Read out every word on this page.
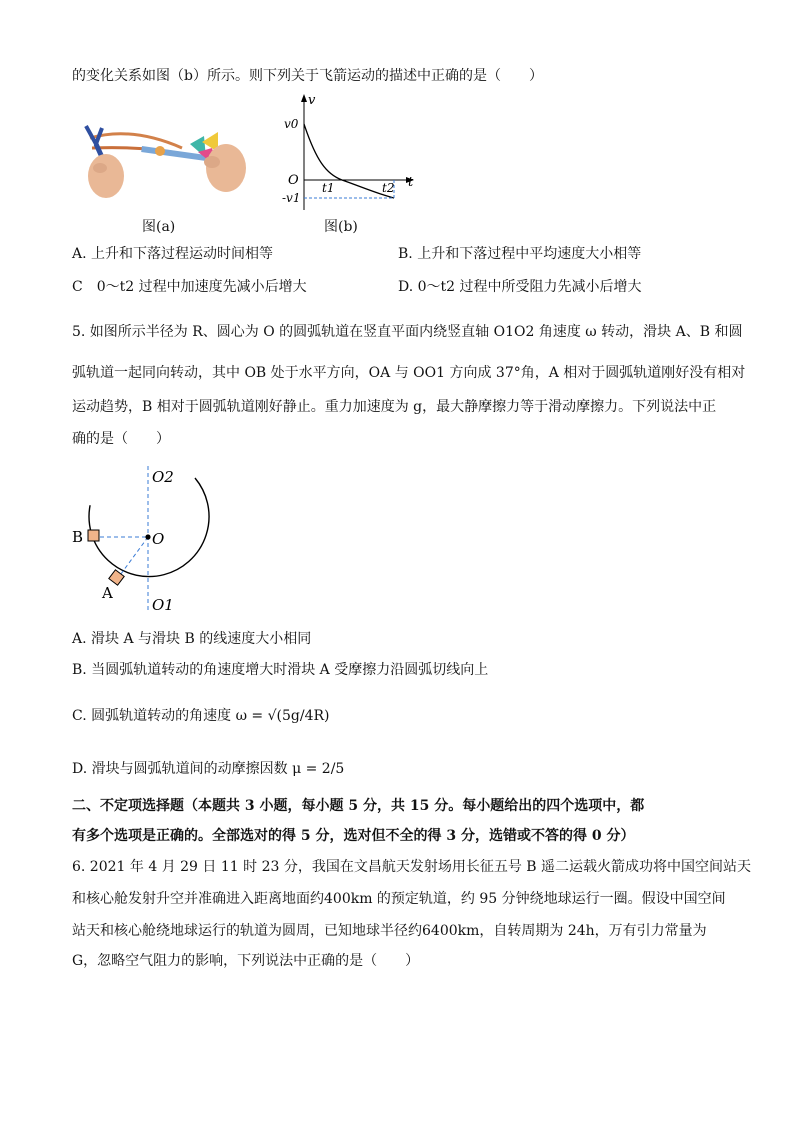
的变化关系如图（b）所示。则下列关于飞箭运动的描述中正确的是（　　）
图(a)
v
v0
O t1	t2 t
-v1
图(b)
A. 上升和下落过程运动时间相等	B. 上升和下落过程中平均速度大小相等
C　0～t2 过程中加速度先减小后增大	D. 0～t2 过程中所受阻力先减小后增大
5. 如图所示半径为 R、圆心为 O 的圆弧轨道在竖直平面内绕竖直轴 O1O2 角速度 ω 转动，滑块 A、B 和圆
弧轨道一起同向转动，其中 OB 处于水平方向，OA 与 OO1 方向成 37°角，A 相对于圆弧轨道刚好没有相对
运动趋势，B 相对于圆弧轨道刚好静止。重力加速度为 g，最大静摩擦力等于滑动摩擦力。下列说法中正
确的是（　　）
O2
O
B
A
O1
A. 滑块 A 与滑块 B 的线速度大小相同
B. 当圆弧轨道转动的角速度增大时滑块 A 受摩擦力沿圆弧切线向上
C. 圆弧轨道转动的角速度 ω = √(5g/4R)
D. 滑块与圆弧轨道间的动摩擦因数 μ = 2/5
二、不定项选择题（本题共 3 小题，每小题 5 分，共 15 分。每小题给出的四个选项中，都
有多个选项是正确的。全部选对的得 5 分，选对但不全的得 3 分，选错或不答的得 0 分）
6. 2021 年 4 月 29 日 11 时 23 分，我国在文昌航天发射场用长征五号 B 遥二运载火箭成功将中国空间站天
和核心舱发射升空并准确进入距离地面约400km 的预定轨道，约 95 分钟绕地球运行一圈。假设中国空间
站天和核心舱绕地球运行的轨道为圆周，已知地球半径约6400km，自转周期为 24h，万有引力常量为
G，忽略空气阻力的影响，下列说法中正确的是（　　）
